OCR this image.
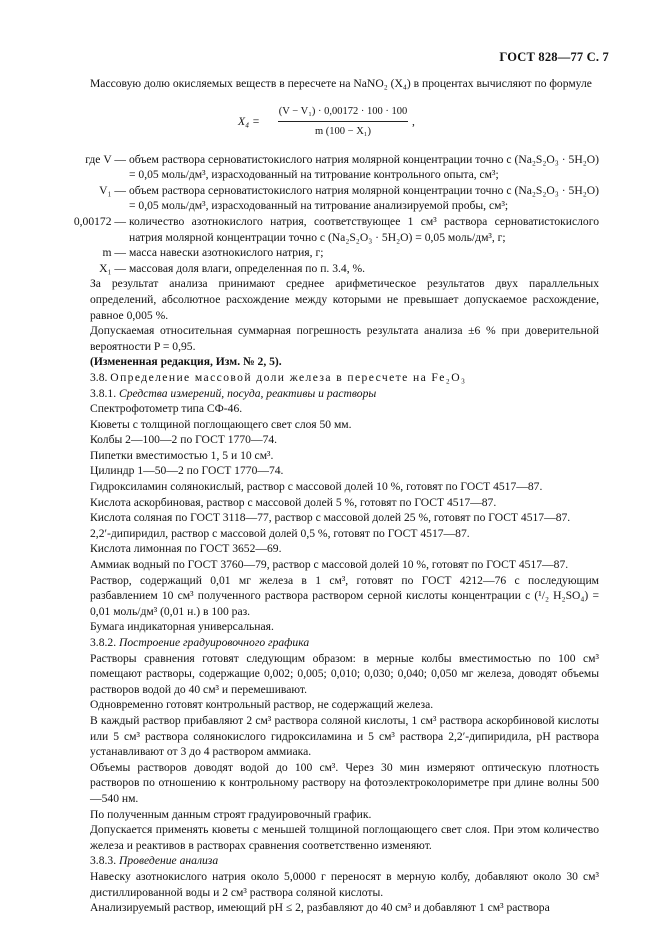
ГОСТ 828—77 С. 7

Массовую долю окисляемых веществ в пересчете на NaNO₂ (X₄) в процентах вычисляют по формуле

$X_4 = \frac{\text{(V − V₁) · 0,00172 · 100 · 100}}{\text{m (100 − X₁)}}$ ,
где V — объем раствора серноватистокислого натрия молярной концентрации точно c (Na₂S₂O₃ · 5H₂O) = 0,05 моль/дм³, израсходованный на титрование контрольного опыта, см³;
V₁ — объем раствора серноватистокислого натрия молярной концентрации точно c (Na₂S₂O₃ · 5H₂O) = 0,05 моль/дм³, израсходованный на титрование анализируемой пробы, см³;
0,00172 — количество азотнокислого натрия, соответствующее 1 см³ раствора серноватистокислого натрия молярной концентрации точно c (Na₂S₂O₃ · 5H₂O) = 0,05 моль/дм³, г;
m — масса навески азотнокислого натрия, г;
X₁ — массовая доля влаги, определенная по п. 3.4, %.

За результат анализа принимают среднее арифметическое результатов двух параллельных определений, абсолютное расхождение между которыми не превышает допускаемое расхождение, равное 0,005 %.

Допускаемая относительная суммарная погрешность результата анализа ±6 % при доверительной вероятности P = 0,95.

(Измененная редакция, Изм. № 2, 5).

3.8. Определение массовой доли железа в пересчете на Fe₂O₃

3.8.1. Средства измерений, посуда, реактивы и растворы

Спектрофотометр типа СФ-46.

Кюветы с толщиной поглощающего свет слоя 50 мм.

Колбы 2—100—2 по ГОСТ 1770—74.

Пипетки вместимостью 1, 5 и 10 см³.

Цилиндр 1—50—2 по ГОСТ 1770—74.

Гидроксиламин солянокислый, раствор с массовой долей 10 %, готовят по ГОСТ 4517—87.

Кислота аскорбиновая, раствор с массовой долей 5 %, готовят по ГОСТ 4517—87.

Кислота соляная по ГОСТ 3118—77, раствор с массовой долей 25 %, готовят по ГОСТ 4517—87.

2,2′-дипиридил, раствор с массовой долей 0,5 %, готовят по ГОСТ 4517—87.

Кислота лимонная по ГОСТ 3652—69.

Аммиак водный по ГОСТ 3760—79, раствор с массовой долей 10 %, готовят по ГОСТ 4517—87.

Раствор, содержащий 0,01 мг железа в 1 см³, готовят по ГОСТ 4212—76 с последующим разбавлением 10 см³ полученного раствора раствором серной кислоты концентрации c (¹/₂ H₂SO₄) = 0,01 моль/дм³ (0,01 н.) в 100 раз.

Бумага индикаторная универсальная.

3.8.2. Построение градуировочного графика

Растворы сравнения готовят следующим образом: в мерные колбы вместимостью по 100 см³ помещают растворы, содержащие 0,002; 0,005; 0,010; 0,030; 0,040; 0,050 мг железа, доводят объемы растворов водой до 40 см³ и перемешивают.

Одновременно готовят контрольный раствор, не содержащий железа.

В каждый раствор прибавляют 2 см³ раствора соляной кислоты, 1 см³ раствора аскорбиновой кислоты или 5 см³ раствора солянокислого гидроксиламина и 5 см³ раствора 2,2′-дипиридила, pH раствора устанавливают от 3 до 4 раствором аммиака.

Объемы растворов доводят водой до 100 см³. Через 30 мин измеряют оптическую плотность растворов по отношению к контрольному раствору на фотоэлектроколориметре при длине волны 500—540 нм.

По полученным данным строят градуировочный график.

Допускается применять кюветы с меньшей толщиной поглощающего свет слоя. При этом количество железа и реактивов в растворах сравнения соответственно изменяют.

3.8.3. Проведение анализа

Навеску азотнокислого натрия около 5,0000 г переносят в мерную колбу, добавляют около 30 см³ дистиллированной воды и 2 см³ раствора соляной кислоты.

Анализируемый раствор, имеющий pH ≤ 2, разбавляют до 40 см³ и добавляют 1 см³ раствора
